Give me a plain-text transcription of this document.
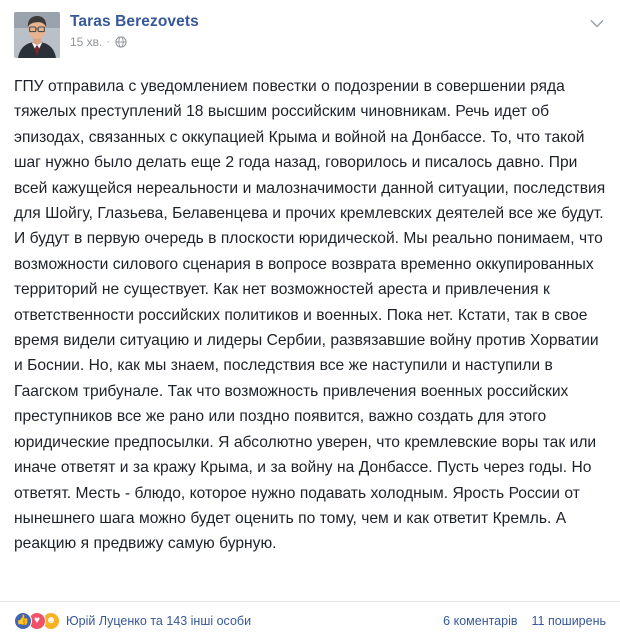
Taras Berezovets
15 хв. ·
ГПУ отправила с уведомлением повестки о подозрении в совершении ряда тяжелых преступлений 18 высшим российским чиновникам. Речь идет об эпизодах, связанных с оккупацией Крыма и войной на Донбассе. То, что такой шаг нужно было делать еще 2 года назад, говорилось и писалось давно. При всей кажущейся нереальности и малозначимости данной ситуации, последствия для Шойгу, Глазьева, Белавенцева и прочих кремлевских деятелей все же будут. И будут в первую очередь в плоскости юридической. Мы реально понимаем, что возможности силового сценария в вопросе возврата временно оккупированных территорий не существует. Как нет возможностей ареста и привлечения к ответственности российских политиков и военных. Пока нет. Кстати, так в свое время видели ситуацию и лидеры Сербии, развязавшие войну против Хорватии и Боснии. Но, как мы знаем, последствия все же наступили и наступили в Гаагском трибунале. Так что возможность привлечения военных российских преступников все же рано или поздно появится, важно создать для этого юридические предпосылки. Я абсолютно уверен, что кремлевские воры так или иначе ответят и за кражу Крыма, и за войну на Донбассе. Пусть через годы. Но ответят. Месть - блюдо, которое нужно подавать холодным. Ярость России от нынешнего шага можно будет оценить по тому, чем и как ответит Кремль. А реакцию я предвижу самую бурную.
👍 ♥ ☻ Юрій Луценко та 143 інші особи	6 коментарів 11 поширень
